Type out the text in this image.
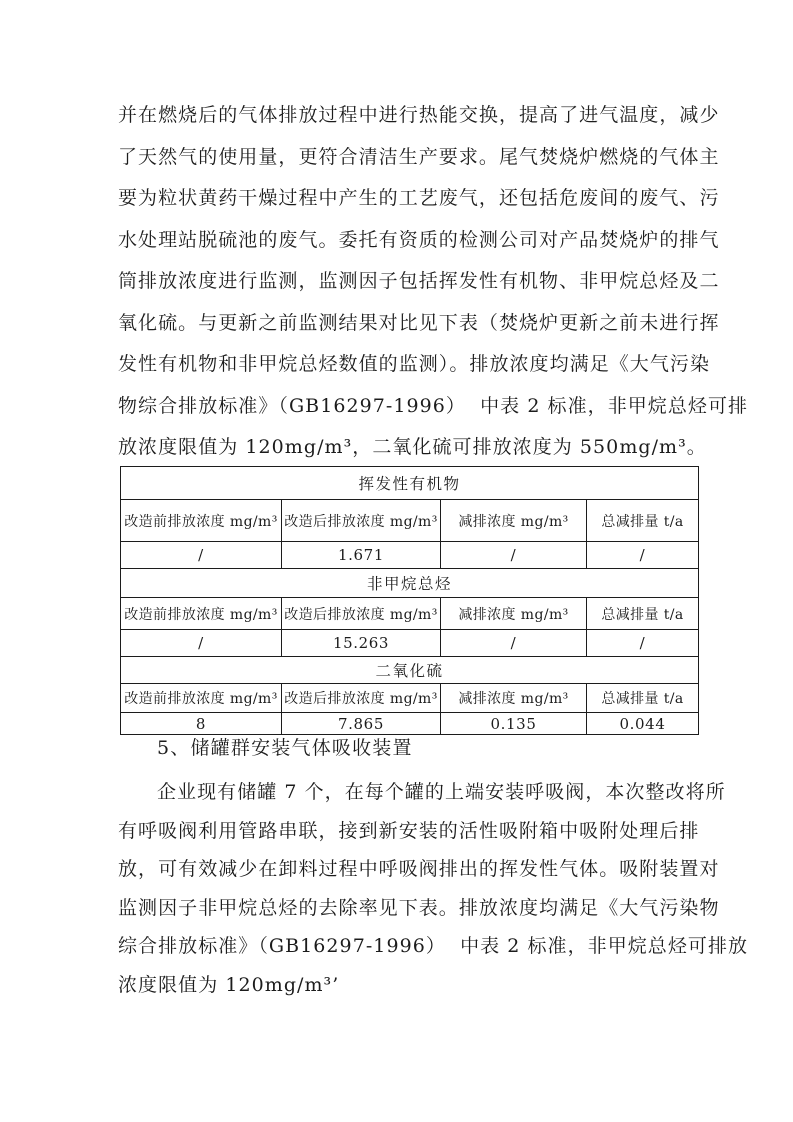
并在燃烧后的气体排放过程中进行热能交换，提高了进气温度，减少
了天然气的使用量，更符合清洁生产要求。尾气焚烧炉燃烧的气体主
要为粒状黄药干燥过程中产生的工艺废气，还包括危废间的废气、污
水处理站脱硫池的废气。委托有资质的检测公司对产品焚烧炉的排气
筒排放浓度进行监测，监测因子包括挥发性有机物、非甲烷总烃及二
氧化硫。与更新之前监测结果对比见下表（焚烧炉更新之前未进行挥
发性有机物和非甲烷总烃数值的监测）。排放浓度均满足《大气污染
物综合排放标准》（GB16297-1996）  中表 2 标准，非甲烷总烃可排
放浓度限值为 120mg/m³，二氧化硫可排放浓度为 550mg/m³。
挥发性有机物			
改造前排放浓度 mg/m³	改造后排放浓度 mg/m³	减排浓度 mg/m³	总减排量 t/a
/	1.671	/	/
非甲烷总烃			
改造前排放浓度 mg/m³	改造后排放浓度 mg/m³	减排浓度 mg/m³	总减排量 t/a
/	15.263	/	/
二氧化硫			
改造前排放浓度 mg/m³	改造后排放浓度 mg/m³	减排浓度 mg/m³	总减排量 t/a
8	7.865	0.135	0.044
5、储罐群安装气体吸收装置
企业现有储罐 7 个，在每个罐的上端安装呼吸阀，本次整改将所
有呼吸阀利用管路串联，接到新安装的活性吸附箱中吸附处理后排
放，可有效减少在卸料过程中呼吸阀排出的挥发性气体。吸附装置对
监测因子非甲烷总烃的去除率见下表。排放浓度均满足《大气污染物
综合排放标准》（GB16297-1996）  中表 2 标准，非甲烷总烃可排放
浓度限值为 120mg/m³’
